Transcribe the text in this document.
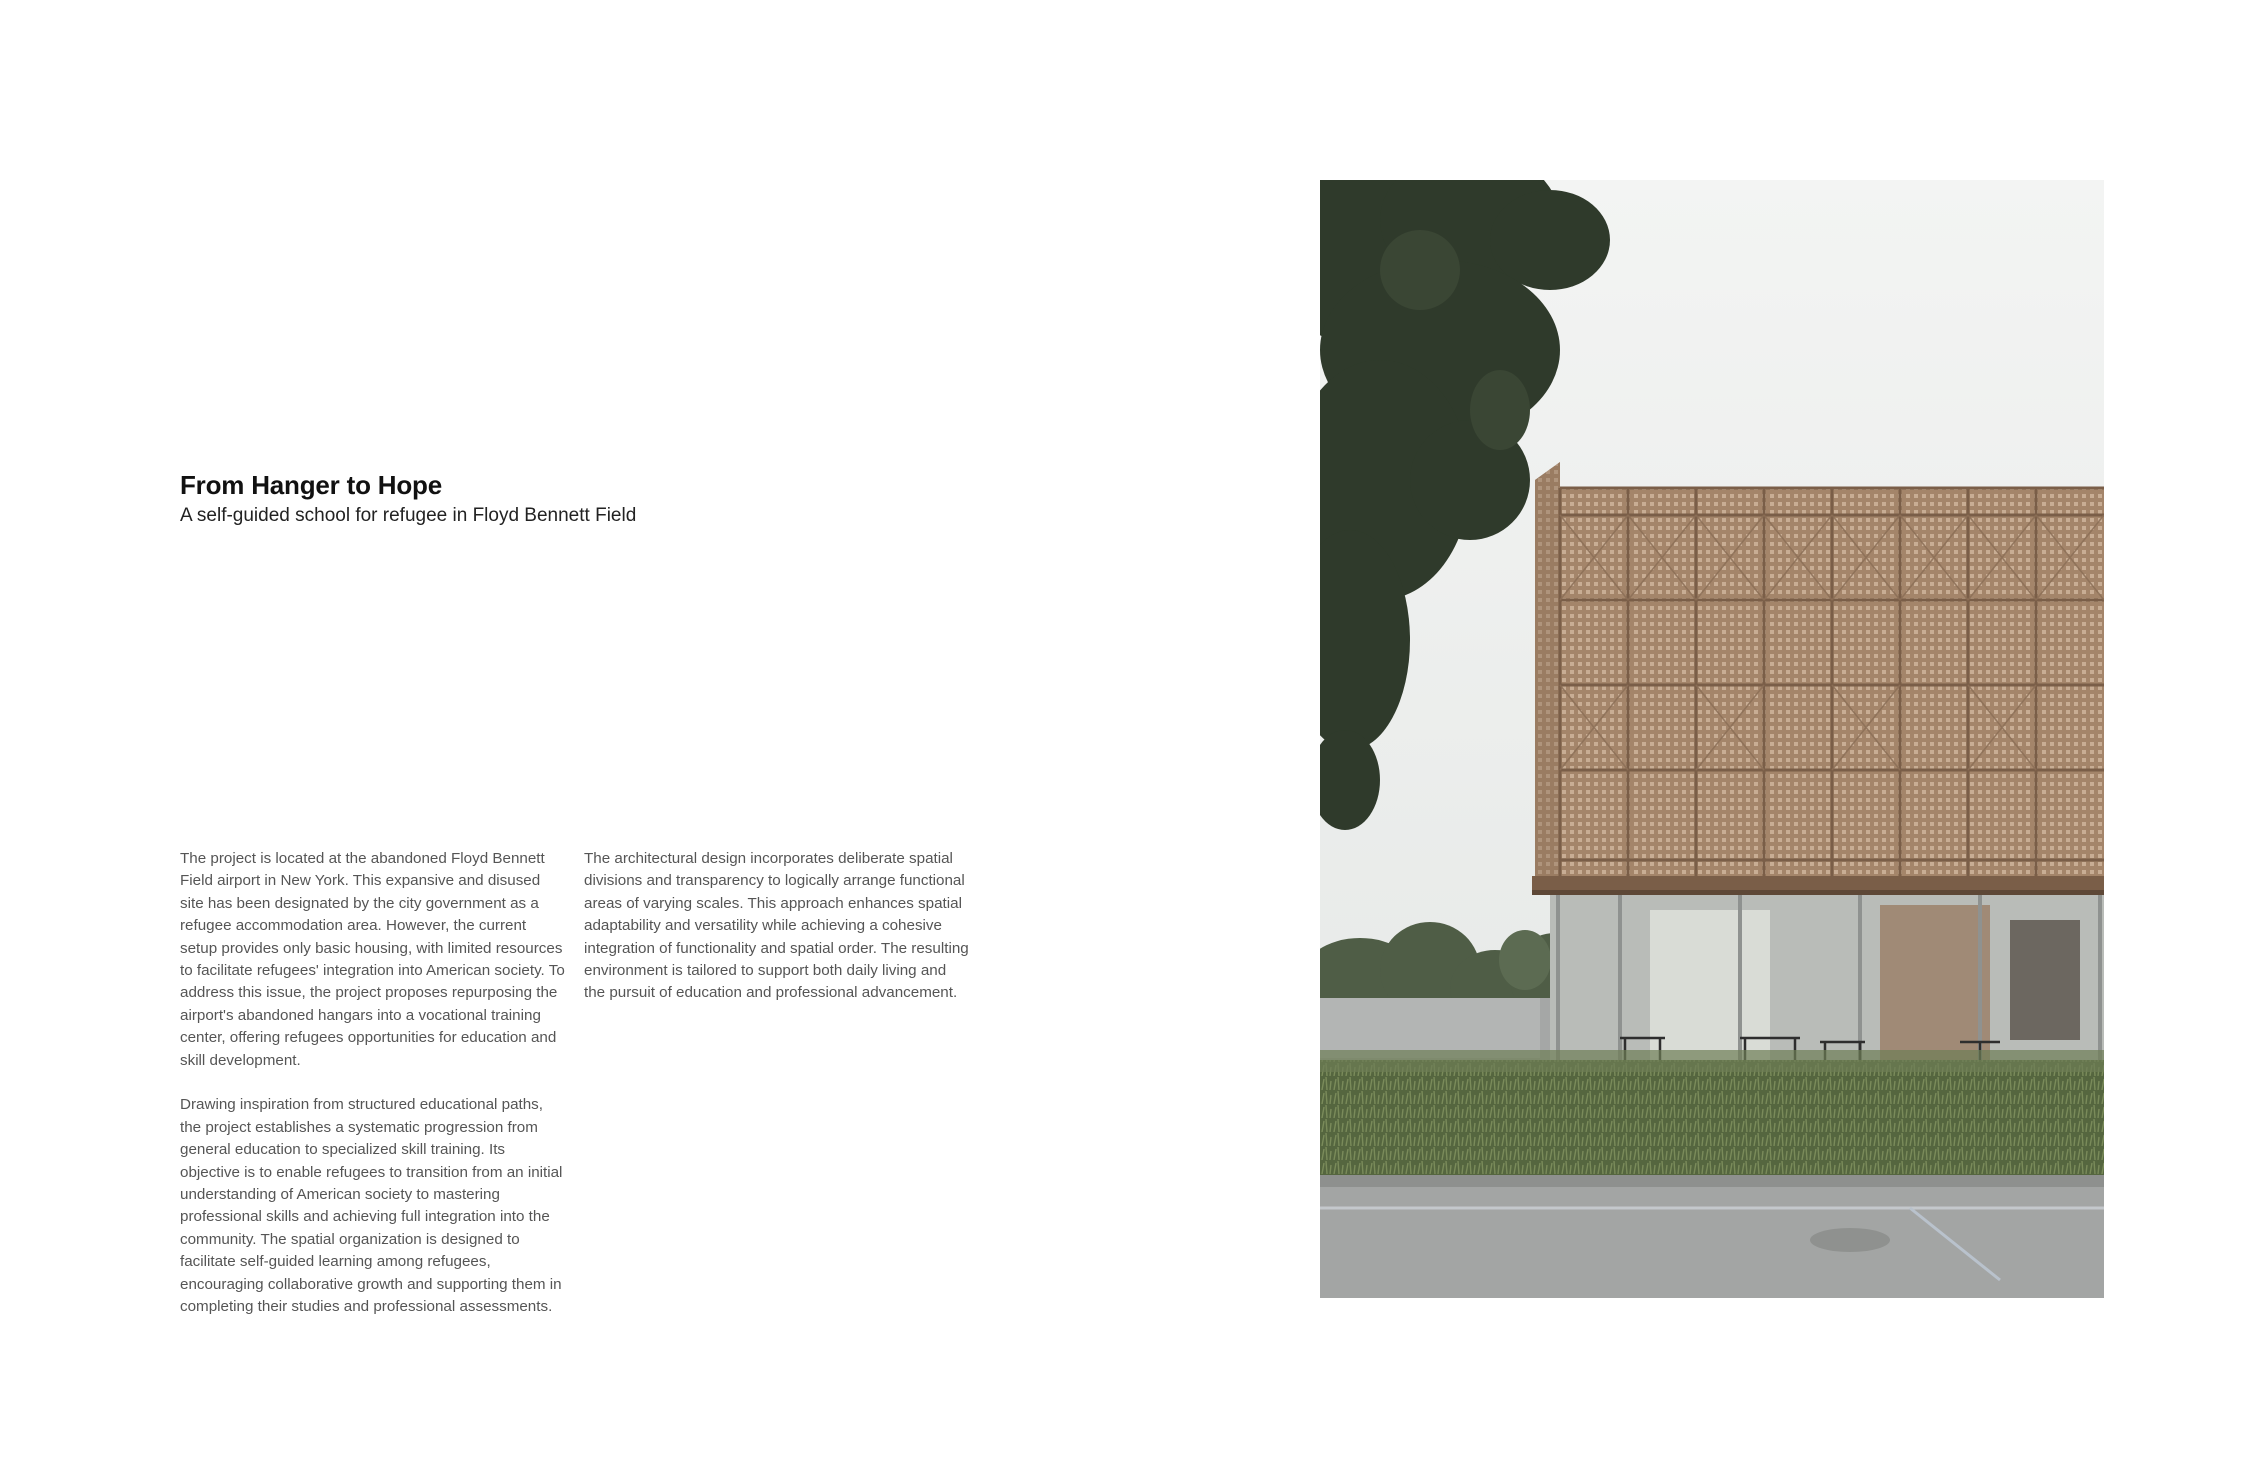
From Hanger to Hope

A self-guided school for refugee in Floyd Bennett Field

The project is located at the abandoned Floyd Bennett Field airport in New York. This expansive and disused site has been designated by the city government as a refugee accommodation area. However, the current setup provides only basic housing, with limited resources to facilitate refugees' integration into American society. To address this issue, the project proposes repurposing the airport's abandoned hangars into a vocational training center, offering refugees opportunities for education and skill development.

Drawing inspiration from structured educational paths, the project establishes a systematic progression from general education to specialized skill training. Its objective is to enable refugees to transition from an initial understanding of American society to mastering professional skills and achieving full integration into the community. The spatial organization is designed to facilitate self-guided learning among refugees, encouraging collaborative growth and supporting them in completing their studies and professional assessments.

The architectural design incorporates deliberate spatial divisions and transparency to logically arrange functional areas of varying scales. This approach enhances spatial adaptability and versatility while achieving a cohesive integration of functionality and spatial order. The resulting environment is tailored to support both daily living and the pursuit of education and professional advancement.
